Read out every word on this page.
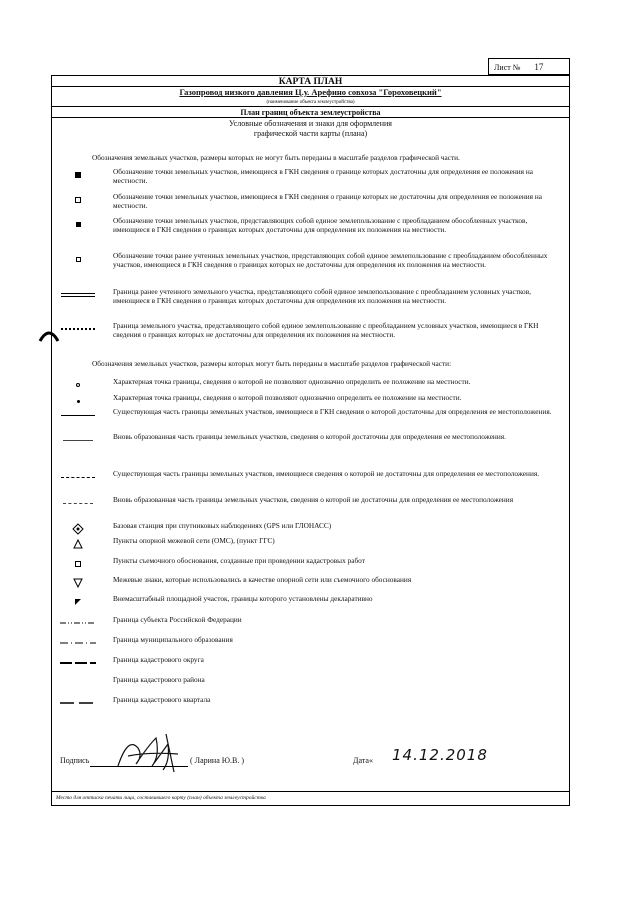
Лист № 17
КАРТА ПЛАН
Газопровод низкого давления Ц.у. Арефино совхоза "Гороховецкий"
(наименование объекта землеустройства)
План границ объекта землеустройства
Условные обозначения и знаки для оформления графической части карты (плана)
Обозначения земельных участков, размеры которых не могут быть переданы в масштабе разделов графической части.
Обозначение точки земельных участков, имеющиеся в ГКН сведения о границе которых достаточны для определения ее положения на местности.
Обозначение точки земельных участков, имеющиеся в ГКН сведения о границе которых не достаточны для определения ее положения на местности.
Обозначение точки земельных участков, представляющих собой единое землепользование с преобладанием обособленных участков, имеющиеся в ГКН сведения о границах которых достаточны для определения их положения на местности.
Обозначение точки ранее учтенных земельных участков, представляющих собой единое землепользование с преобладанием обособленных участков, имеющиеся в ГКН сведения о границах которых не достаточны для определения их положения на местности.
Граница ранее учтенного земельного участка, представляющего собой единое землепользование с преобладанием условных участков, имеющиеся в ГКН сведения о границах которых достаточны для определения их положения на местности.
Граница земельного участка, представляющего собой единое землепользование с преобладанием условных участков, имеющиеся в ГКН сведения о границах которых не достаточны для определения их положения на местности.
Обозначения земельных участков, размеры которых могут быть переданы в масштабе разделов графической части:
Характерная точка границы, сведения о которой не позволяют однозначно определить ее положение на местности.
Характерная точка границы, сведения о которой позволяют однозначно определить ее положение на местности.
Существующая часть границы земельных участков, имеющиеся в ГКН сведения о которой достаточны для определения ее местоположения.
Вновь образованная часть границы земельных участков, сведения о которой достаточны для определения ее местоположения.
Существующая часть границы земельных участков, имеющиеся сведения о которой не достаточны для определения ее местоположения.
Вновь образованная часть границы земельных участков, сведения о которой не достаточны для определения ее местоположения
Базовая станция при спутниковых наблюдениях (GPS или ГЛОНАСС)
Пункты опорной межевой сети (ОМС), (пункт ГГС)
Пункты съемочного обоснования, созданные при проведении кадастровых работ
Межевые знаки, которые использовались в качестве опорной сети или съемочного обоснования
Внемасштабный площадной участок, границы которого установлены декларативно
Граница субъекта Российской Федерации
Граница муниципального образования
Граница кадастрового округа
Граница кадастрового района
Граница кадастрового квартала
Подпись	( Ларина Ю.В. )	Дата« 14.12.2018
Место для оттиска печати лица, составившего карту (план) объекта землеустройства
